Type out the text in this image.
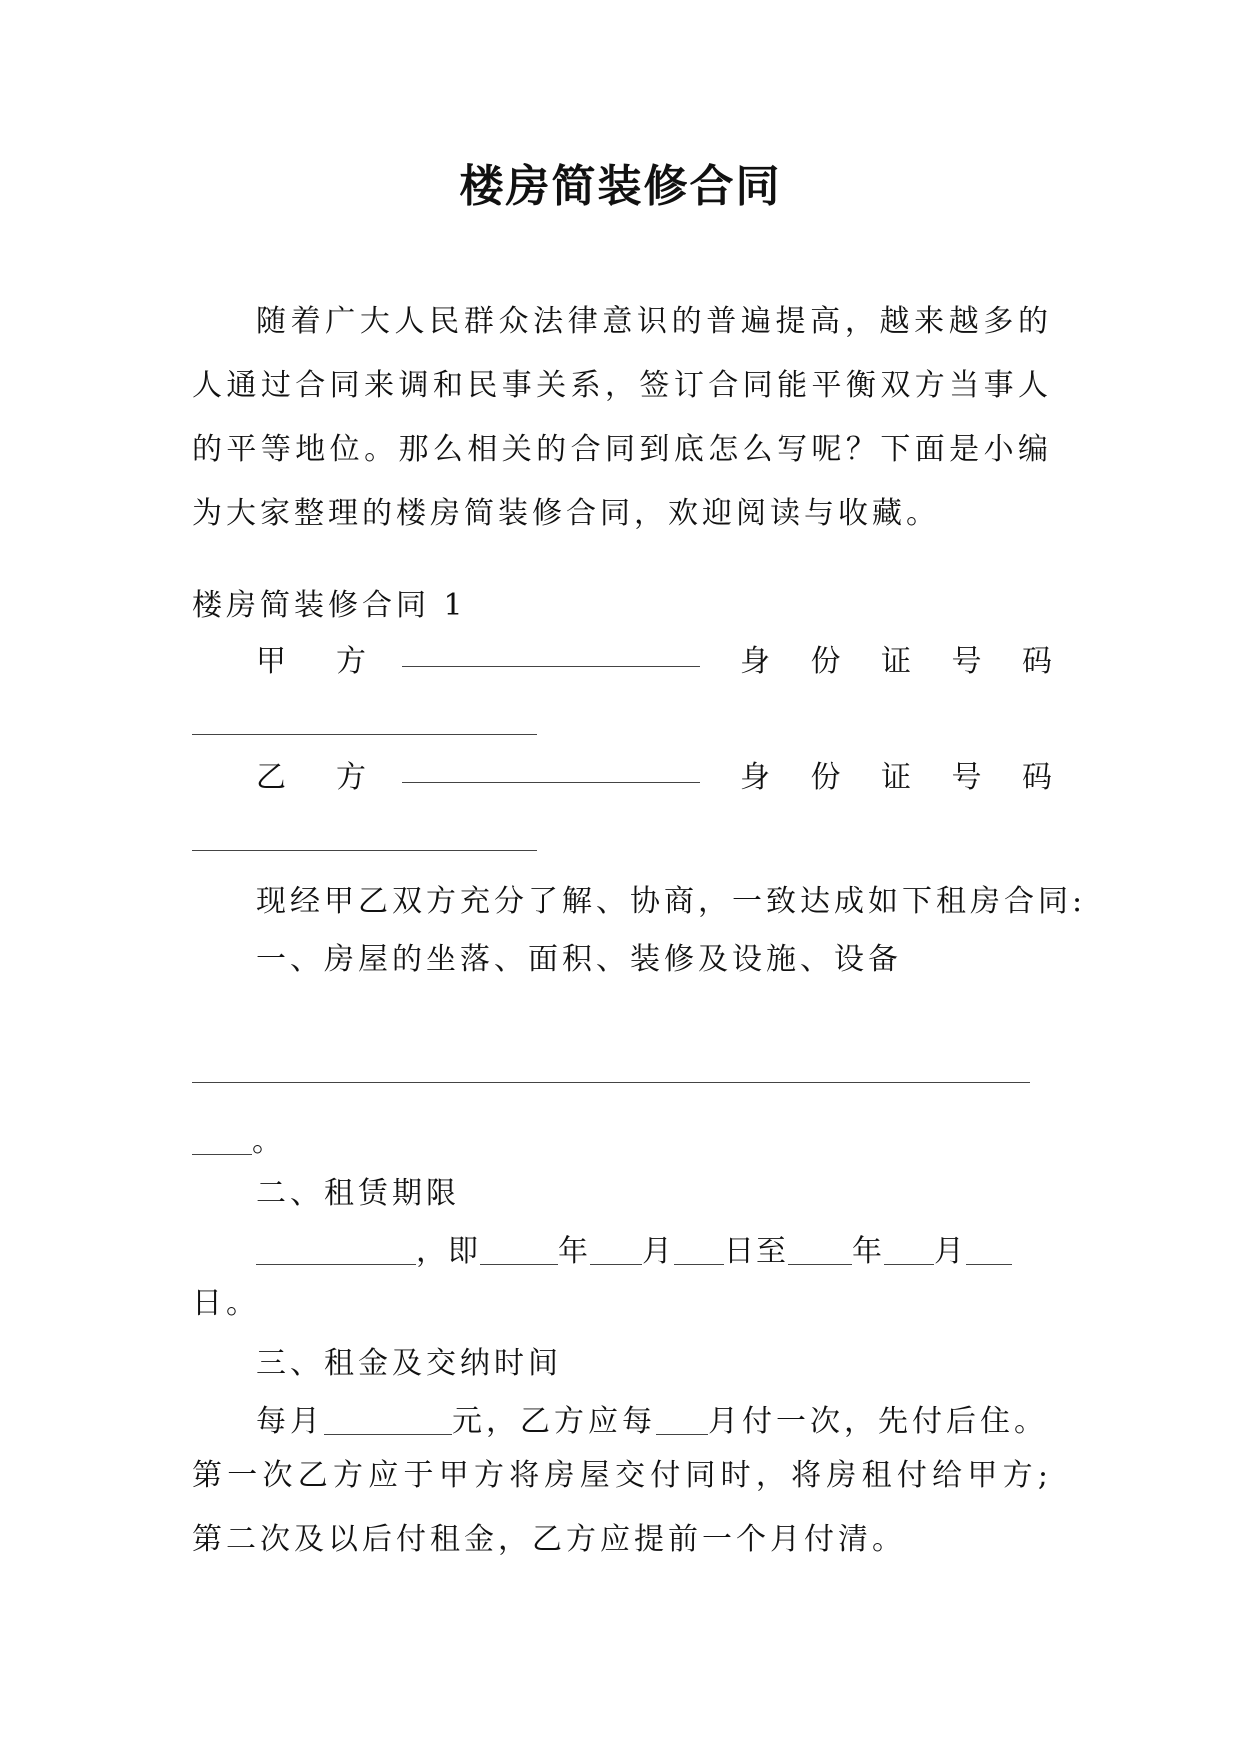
楼房简装修合同
随着广大人民群众法律意识的普遍提高，越来越多的人通过合同来调和民事关系，签订合同能平衡双方当事人的平等地位。那么相关的合同到底怎么写呢？下面是小编为大家整理的楼房简装修合同，欢迎阅读与收藏。
楼房简装修合同 1
甲 方	身 份 证 号 码
乙 方	身 份 证 号 码
现经甲乙双方充分了解、协商，一致达成如下租房合同:
一、房屋的坐落、面积、装修及设施、设备
。
二、租赁期限
，即	年 月 日至 年 月
日。
三、租金及交纳时间
每月	元，乙方应每 月付一次，先付后住。
第一次乙方应于甲方将房屋交付同时，将房租付给甲方;第二次及以后付租金，乙方应提前一个月付清。
